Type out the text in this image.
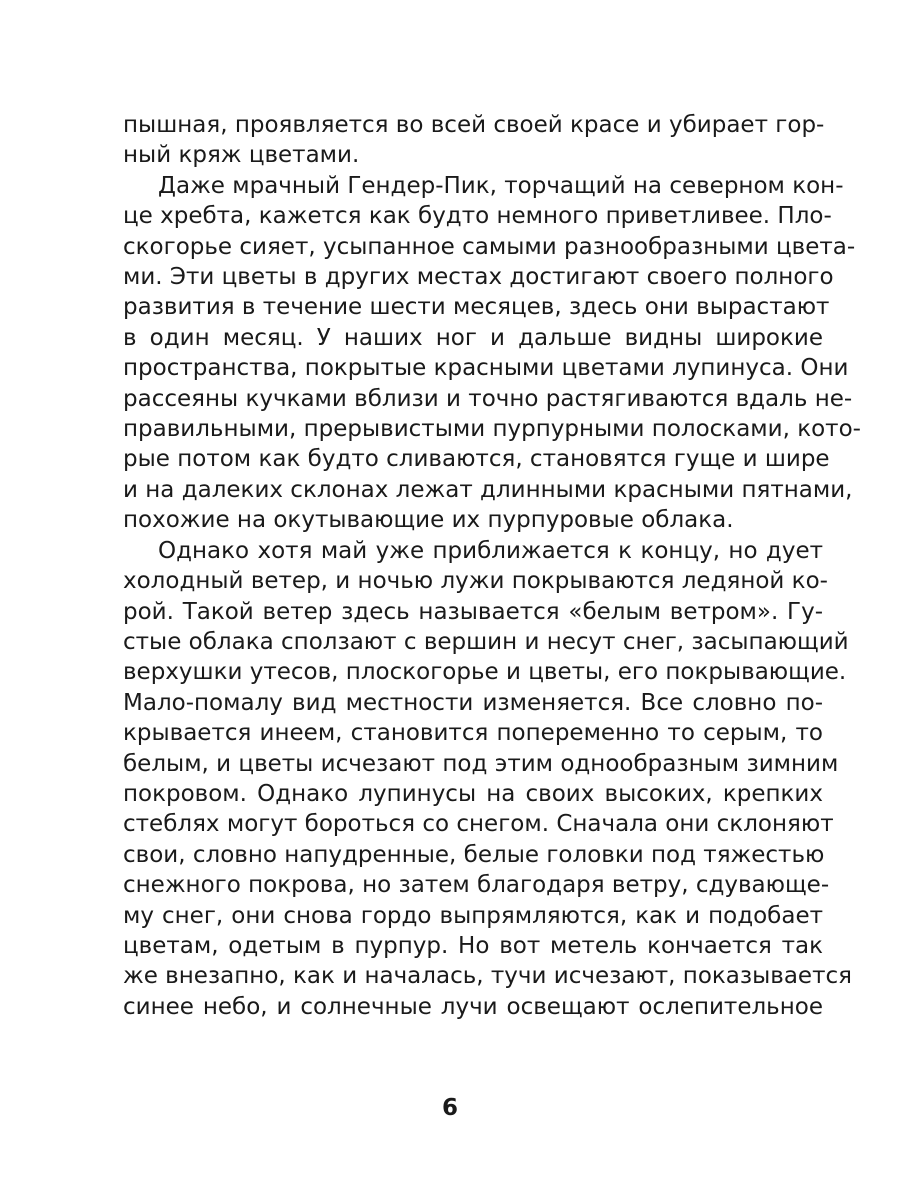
пышная, проявляется во всей своей красе и убирает гор-
ный кряж цветами.
Даже мрачный Гендер-Пик, торчащий на северном кон-
це хребта, кажется как будто немного приветливее. Пло-
скогорье сияет, усыпанное самыми разнообразными цвета-
ми. Эти цветы в других местах достигают своего полного
развития в течение шести месяцев, здесь они вырастают
в один месяц. У наших ног и дальше видны широкие
пространства, покрытые красными цветами лупинуса. Они
рассеяны кучками вблизи и точно растягиваются вдаль не-
правильными, прерывистыми пурпурными полосками, кото-
рые потом как будто сливаются, становятся гуще и шире
и на далеких склонах лежат длинными красными пятнами,
похожие на окутывающие их пурпуровые облака.
Однако хотя май уже приближается к концу, но дует
холодный ветер, и ночью лужи покрываются ледяной ко-
рой. Такой ветер здесь называется «белым ветром». Гу-
стые облака сползают с вершин и несут снег, засыпающий
верхушки утесов, плоскогорье и цветы, его покрывающие.
Мало-помалу вид местности изменяется. Все словно по-
крывается инеем, становится попеременно то серым, то
белым, и цветы исчезают под этим однообразным зимним
покровом. Однако лупинусы на своих высоких, крепких
стеблях могут бороться со снегом. Сначала они склоняют
свои, словно напудренные, белые головки под тяжестью
снежного покрова, но затем благодаря ветру, сдувающе-
му снег, они снова гордо выпрямляются, как и подобает
цветам, одетым в пурпур. Но вот метель кончается так
же внезапно, как и началась, тучи исчезают, показывается
синее небо, и солнечные лучи освещают ослепительное
6
